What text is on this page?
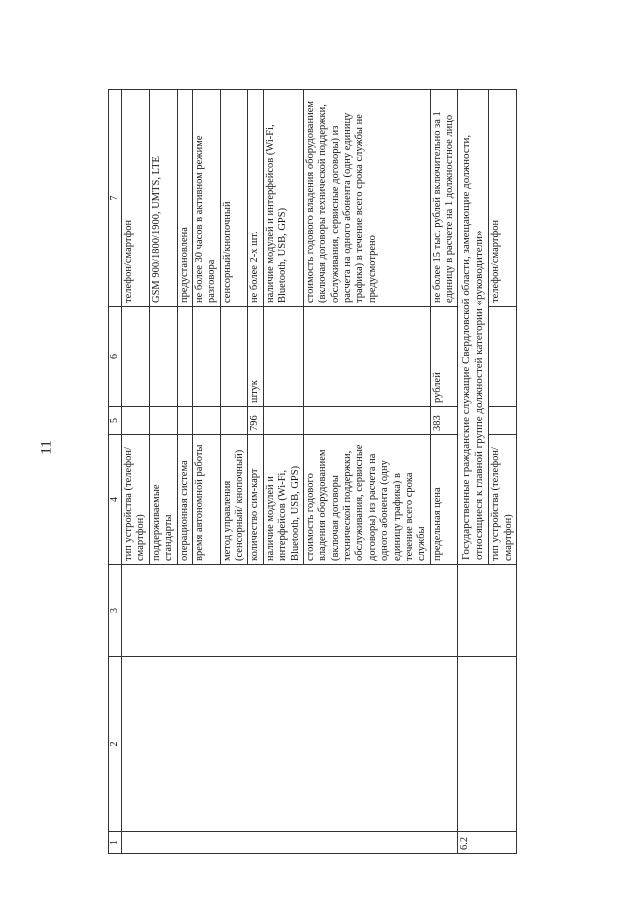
11
1	2	3	4	5	6	7
			тип устройства (телефон/смартфон)			телефон/смартфон
			поддерживаемые стандарты			GSM 900/1800/1900, UMTS, LTE
			операционная система			предустановлена
			время автономной работы			не более 30 часов в активном режиме разговора
			метод управления (сенсорный/ кнопочный)			сенсорный/кнопочный
			количество сим-карт	796	штук	не более 2-х шт.
			наличие модулей и интерфейсов (Wi-Fi, Bluetooth, USB, GPS)			наличие модулей и интерфейсов (Wi-Fi, Bluetooth, USB, GPS)
			стоимость годового владения оборудованием (включая договоры технической поддержки, обслуживания, сервисные договоры) из расчета на одного абонента (одну единицу трафика) в течение всего срока службы			стоимость годового владения оборудованием (включая договоры технической поддержки, обслуживания, сервисные договоры) из расчета на одного абонента (одну единицу трафика) в течение всего срока службы не предусмотрено
			предельная цена	383	рублей	не более 15 тыс. рублей включительно за 1 единицу в расчете на 1 должностное лицо
6.2			Государственные гражданские служащие Свердловской области, замещающие должности, относящиеся к главной группе должностей категории «руководители»			
			тип устройства (телефон/смартфон)			телефон/смартфон
